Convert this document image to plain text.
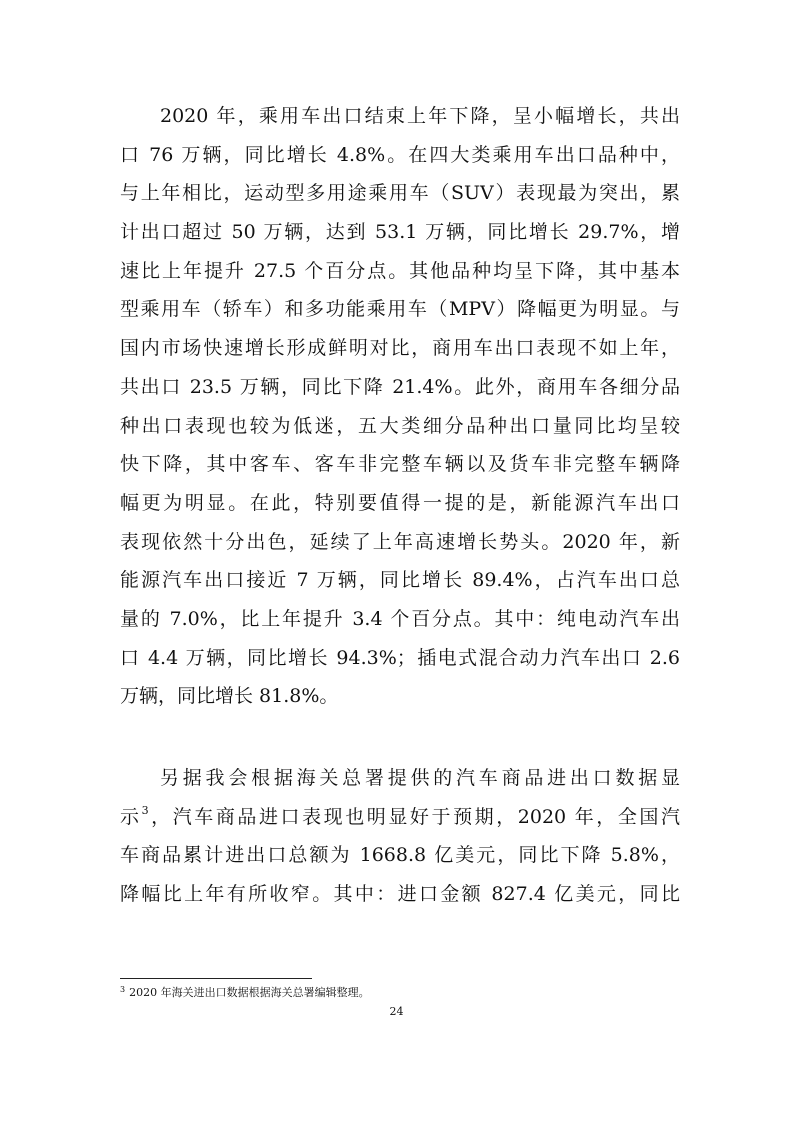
2020 年，乘用车出口结束上年下降，呈小幅增长，共出
口 76 万辆，同比增长 4.8%。在四大类乘用车出口品种中，
与上年相比，运动型多用途乘用车（SUV）表现最为突出，累
计出口超过 50 万辆，达到 53.1 万辆，同比增长 29.7%，增
速比上年提升 27.5 个百分点。其他品种均呈下降，其中基本
型乘用车（轿车）和多功能乘用车（MPV）降幅更为明显。与
国内市场快速增长形成鲜明对比，商用车出口表现不如上年，
共出口 23.5 万辆，同比下降 21.4%。此外，商用车各细分品
种出口表现也较为低迷，五大类细分品种出口量同比均呈较
快下降，其中客车、客车非完整车辆以及货车非完整车辆降
幅更为明显。在此，特别要值得一提的是，新能源汽车出口
表现依然十分出色，延续了上年高速增长势头。2020 年，新
能源汽车出口接近 7 万辆，同比增长 89.4%，占汽车出口总
量的 7.0%，比上年提升 3.4 个百分点。其中：纯电动汽车出
口 4.4 万辆，同比增长 94.3%；插电式混合动力汽车出口 2.6
万辆，同比增长 81.8%。
另据我会根据海关总署提供的汽车商品进出口数据显
示$^3$，汽车商品进口表现也明显好于预期，2020 年，全国汽
车商品累计进出口总额为 1668.8 亿美元，同比下降 5.8%，
降幅比上年有所收窄。其中：进口金额 827.4 亿美元，同比
$^3$ 2020 年海关进出口数据根据海关总署编辑整理。
24
